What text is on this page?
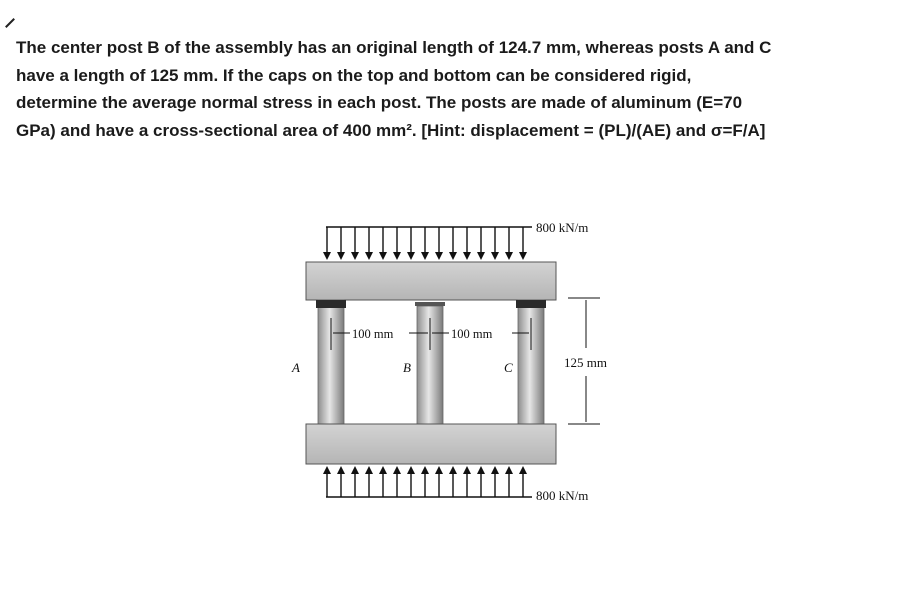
The center post B of the assembly has an original length of 124.7 mm, whereas posts A and C
have a length of 125 mm. If the caps on the top and bottom can be considered rigid,
determine the average normal stress in each post. The posts are made of aluminum (E=70
GPa) and have a cross-sectional area of 400 mm². [Hint: displacement = (PL)/(AE) and σ=F/A]
800 kN/m
100 mm	100 mm
125 mm
A	B	C
800 kN/m
